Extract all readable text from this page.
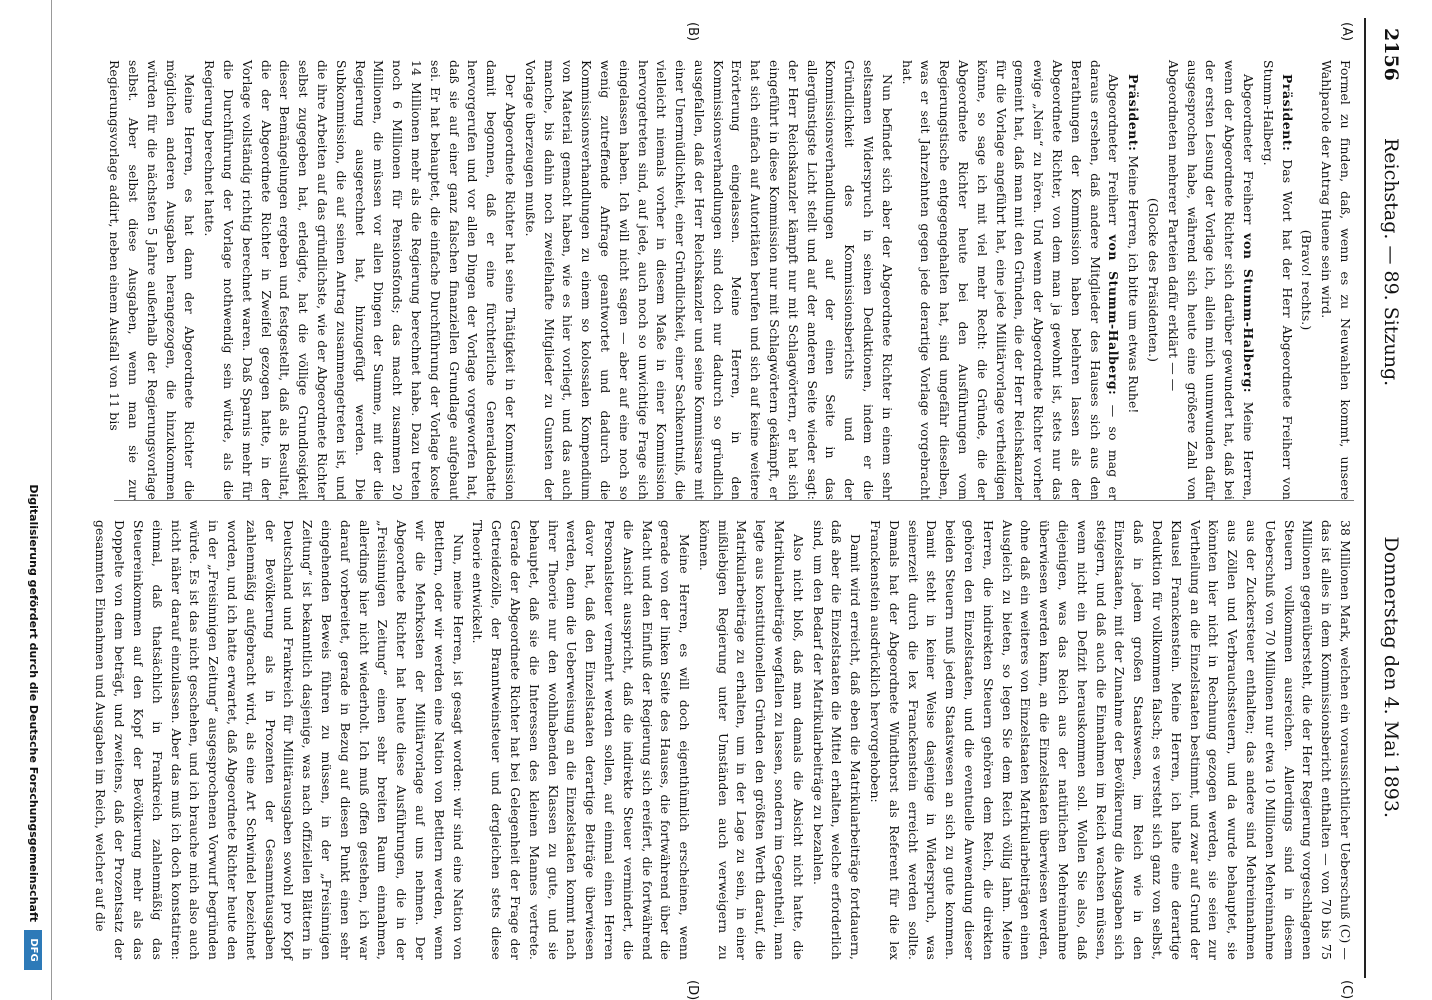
2156
Reichstag. — 89. Sitzung.
Donnerstag den 4. Mai 1893.
(A)
(B)
(C)
(D)

Formel zu finden, daß, wenn es zu Neuwahlen kommt, unsere Wahlparole der Antrag Huene sein wird.

(Bravo! rechts.)

Präsident: Das Wort hat der Herr Abgeordnete Freiherr von Stumm-Halberg.

Abgeordneter Freiherr von Stumm-Halberg: Meine Herren, wenn der Abgeordnete Richter sich darüber gewundert hat, daß bei der ersten Lesung der Vorlage ich, allein mich unumwunden dafür ausgesprochen habe, während sich heute eine größere Zahl von Abgeordneten mehrerer Parteien dafür erklärt — —

(Glocke des Präsidenten.)

Präsident: Meine Herren, ich bitte um etwas Ruhe!

Abgeordneter Freiherr von Stumm-Halberg: — so mag er daraus ersehen, daß andere Mitglieder des Hauses sich aus den Berathungen der Kommission haben belehren lassen als der Abgeordnete Richter, von dem man ja gewohnt ist, stets nur das ewige „Nein“ zu hören. Und wenn der Abgeordnete Richter vorher gemeint hat, daß man mit den Gründen, die der Herr Reichskanzler für die Vorlage angeführt hat, eine jede Militärvorlage vertheidigen könne, so sage ich mit viel mehr Recht: die Gründe, die der Abgeordnete Richter heute bei den Ausführungen vom Regierungstische entgegengehalten hat, sind ungefähr dieselben, was er seit Jahrzehnten gegen jede derartige Vorlage vorgebracht hat.

Nun befindet sich aber der Abgeordnete Richter in einem sehr seltsamen Widerspruch in seinen Deduktionen, indem er die Gründlichkeit des Kommissionsberichts und der Kommissionsverhandlungen auf der einen Seite in das allergünstigste Licht stellt und auf der anderen Seite wieder sagt: der Herr Reichskanzler kämpft nur mit Schlagwörtern, er hat sich eingeführt in diese Kommission nur mit Schlagwörtern gekämpft, er hat sich einfach auf Autoritäten berufen und sich auf keine weitere Erörterung eingelassen. Meine Herren, in den Kommissionsverhandlungen sind doch nur dadurch so gründlich ausgefallen, daß der Herr Reichskanzler und seine Kommissare mit einer Unermüdlichkeit, einer Gründlichkeit, einer Sachkenntniß, die vielleicht niemals vorher in diesem Maße in einer Kommission hervorgetreten sind, auf jede, auch noch so unwichtige Frage sich eingelassen haben. Ich will nicht sagen — aber auf eine noch so wenig zutreffende Anfrage geantwortet und dadurch die Kommissionsverhandlungen zu einem so kolossalen Kompendium von Material gemacht haben, wie es hier vorliegt, und das auch manche, bis dahin noch zweifelhafte Mitglieder zu Gunsten der Vorlage überzeugen mußte.

Der Abgeordnete Richter hat seine Thätigkeit in der Kommission damit begonnen, daß er eine fürchterliche Generaldebatte hervorgerufen und vor allen Dingen der Vorlage vorgeworfen hat, daß sie auf einer ganz falschen finanziellen Grundlage aufgebaut sei. Er hat behauptet, die einfache Durchführung der Vorlage koste 14 Millionen mehr als die Regierung berechnet habe. Dazu treten noch 6 Millionen für Pensionsfonds; das macht zusammen 20 Millionen, die müssen vor allen Dingen der Summe, mit der die Regierung ausgerechnet hat, hinzugefügt werden. Die Subkommission, die auf seinen Antrag zusammengetreten ist, und die ihre Arbeiten auf das gründlichste, wie der Abgeordnete Richter selbst zugegeben hat, erledigte, hat die völlige Grundlosigkeit dieser Bemängelungen ergeben und festgestellt, daß als Resultat, die der Abgeordnete Richter in Zweifel gezogen hatte, in der Vorlage vollständig richtig berechnet waren. Daß Sparnis mehr für die Durchführung der Vorlage nothwendig sein würde, als die Regierung berechnet hatte.

Meine Herren, es hat dann der Abgeordnete Richter die möglichen anderen Ausgaben herangezogen, die hinzukommen würden für die nächsten 5 Jahre außerhalb der Regierungsvorlage selbst. Aber selbst diese Ausgaben, wenn man sie zur Regierungsvorlage addirt, neben einem Ausfall von 11 bis

38 Millionen Mark, welchen ein voraussichtlicher Ueberschuß (C) — das ist alles in dem Kommissionsbericht enthalten — von 70 bis 75 Millionen gegenübersteht, die der Herr Regierung vorgeschlagenen Steuern vollkommen ausreichen. Allerdings sind in diesem Ueberschuß von 70 Millionen nur etwa 10 Millionen Mehreinnahme aus der Zuckersteuer enthalten; das andere sind Mehreinnahmen aus Zöllen und Verbrauchssteuern, und da wurde behauptet, sie könnten hier nicht in Rechnung gezogen werden, sie seien zur Vertheilung an die Einzelstaaten bestimmt, und zwar auf Grund der Klausel Franckenstein. Meine Herren, ich halte eine derartige Deduktion für vollkommen falsch; es versteht sich ganz von selbst, daß in jedem großen Staatswesen, im Reich wie in den Einzelstaaten, mit der Zunahme der Bevölkerung die Ausgaben sich steigern, und daß auch die Einnahmen im Reich wachsen müssen, wenn nicht ein Defizit herauskommen soll. Wollen Sie also, daß diejenigen, was das Reich aus der natürlichen Mehreinnahme überwiesen werden kann, an die Einzelstaaten überwiesen werden, ohne daß ein weiteres von Einzelstaaten Matrikularbeiträgen einen Ausgleich zu bieten, so legen Sie dem Reich völlig lahm. Meine Herren, die indirekten Steuern gehören dem Reich, die direkten gehören den Einzelstaaten, und die eventuelle Anwendung dieser beiden Steuern muß jedem Staatswesen an sich zu gute kommen. Damit steht in keiner Weise dasjenige in Widerspruch, was seinerzeit durch die lex Franckenstein erreicht werden sollte. Damals hat der Abgeordnete Windthorst als Referent für die lex Franckenstein ausdrücklich hervorgehoben:

Damit wird erreicht, daß eben die Matrikularbeiträge fortdauern, daß aber die Einzelstaaten die Mittel erhalten, welche erforderlich sind, um den Bedarf der Matrikularbeiträge zu bezahlen.

Also nicht bloß, daß man damals die Absicht nicht hatte, die Matrikularbeiträge wegfallen zu lassen, sondern im Gegentheil, man legte aus konstitutionellen Gründen den größten Werth darauf, die Matrikularbeiträge zu erhalten, um in der Lage zu sein, in einer mißliebigen Regierung unter Umständen auch verweigern zu können.

Meine Herren, es will doch eigenthümlich erscheinen, wenn gerade von der linken Seite des Hauses, die fortwährend über die Macht und den Einfluß der Regierung sich ereifert, die fortwährend die Ansicht ausspricht, daß die indirekte Steuer vermindert, die Personalsteuer vermehrt werden sollen, auf einmal einen Herren davor hat, daß den Einzelstaaten derartige Beiträge überwiesen werden, denn die Ueberweisung an die Einzelstaaten kommt nach ihrer Theorie nur den wohlhabenden Klassen zu gute, und sie behauptet, daß sie die Interessen des kleinen Mannes vertrete. Gerade der Abgeordnete Richter hat bei Gelegenheit der Frage der Getreidezölle, der Branntweinsteuer und dergleichen stets diese Theorie entwickelt.

Nun, meine Herren, ist gesagt worden: wir sind eine Nation von Bettlern, oder wir werden eine Nation von Bettlern werden, wenn wir die Mehrkosten der Militärvorlage auf uns nehmen. Der Abgeordnete Richter hat heute diese Ausführungen, die in der „Freisinnigen Zeitung“ einen sehr breiten Raum einnahmen, allerdings hier nicht wiederholt. Ich muß offen gestehen, ich war darauf vorbereitet, gerade in Bezug auf diesen Punkt einen sehr eingehenden Beweis führen zu müssen, in der „Freisinnigen Zeitung“ ist bekanntlich dasjenige, was nach offiziellen Blättern in Deutschland und Frankreich für Militärausgaben sowohl pro Kopf der Bevölkerung als in Prozenten der Gesammtausgaben zahlenmäßig aufgebracht wird, als eine Art Schwindel bezeichnet worden, und ich hatte erwartet, daß Abgeordnete Richter heute den in der „Freisinnigen Zeitung“ ausgesprochenen Vorwurf begründen würde. Es ist das nicht geschehen, und ich brauche mich also auch nicht näher darauf einzulassen. Aber das muß ich doch konstatiren: einmal, daß thatsächlich in Frankreich zahlenmäßig das Steuereinkommen auf den Kopf der Bevölkerung mehr als das Doppelte von dem beträgt, und zweitens, daß der Prozentsatz der gesammten Einnahmen und Ausgaben im Reich, welcher auf die

Digitalisierung gefördert durch die Deutsche Forschungsgemeinschaft
DFG
